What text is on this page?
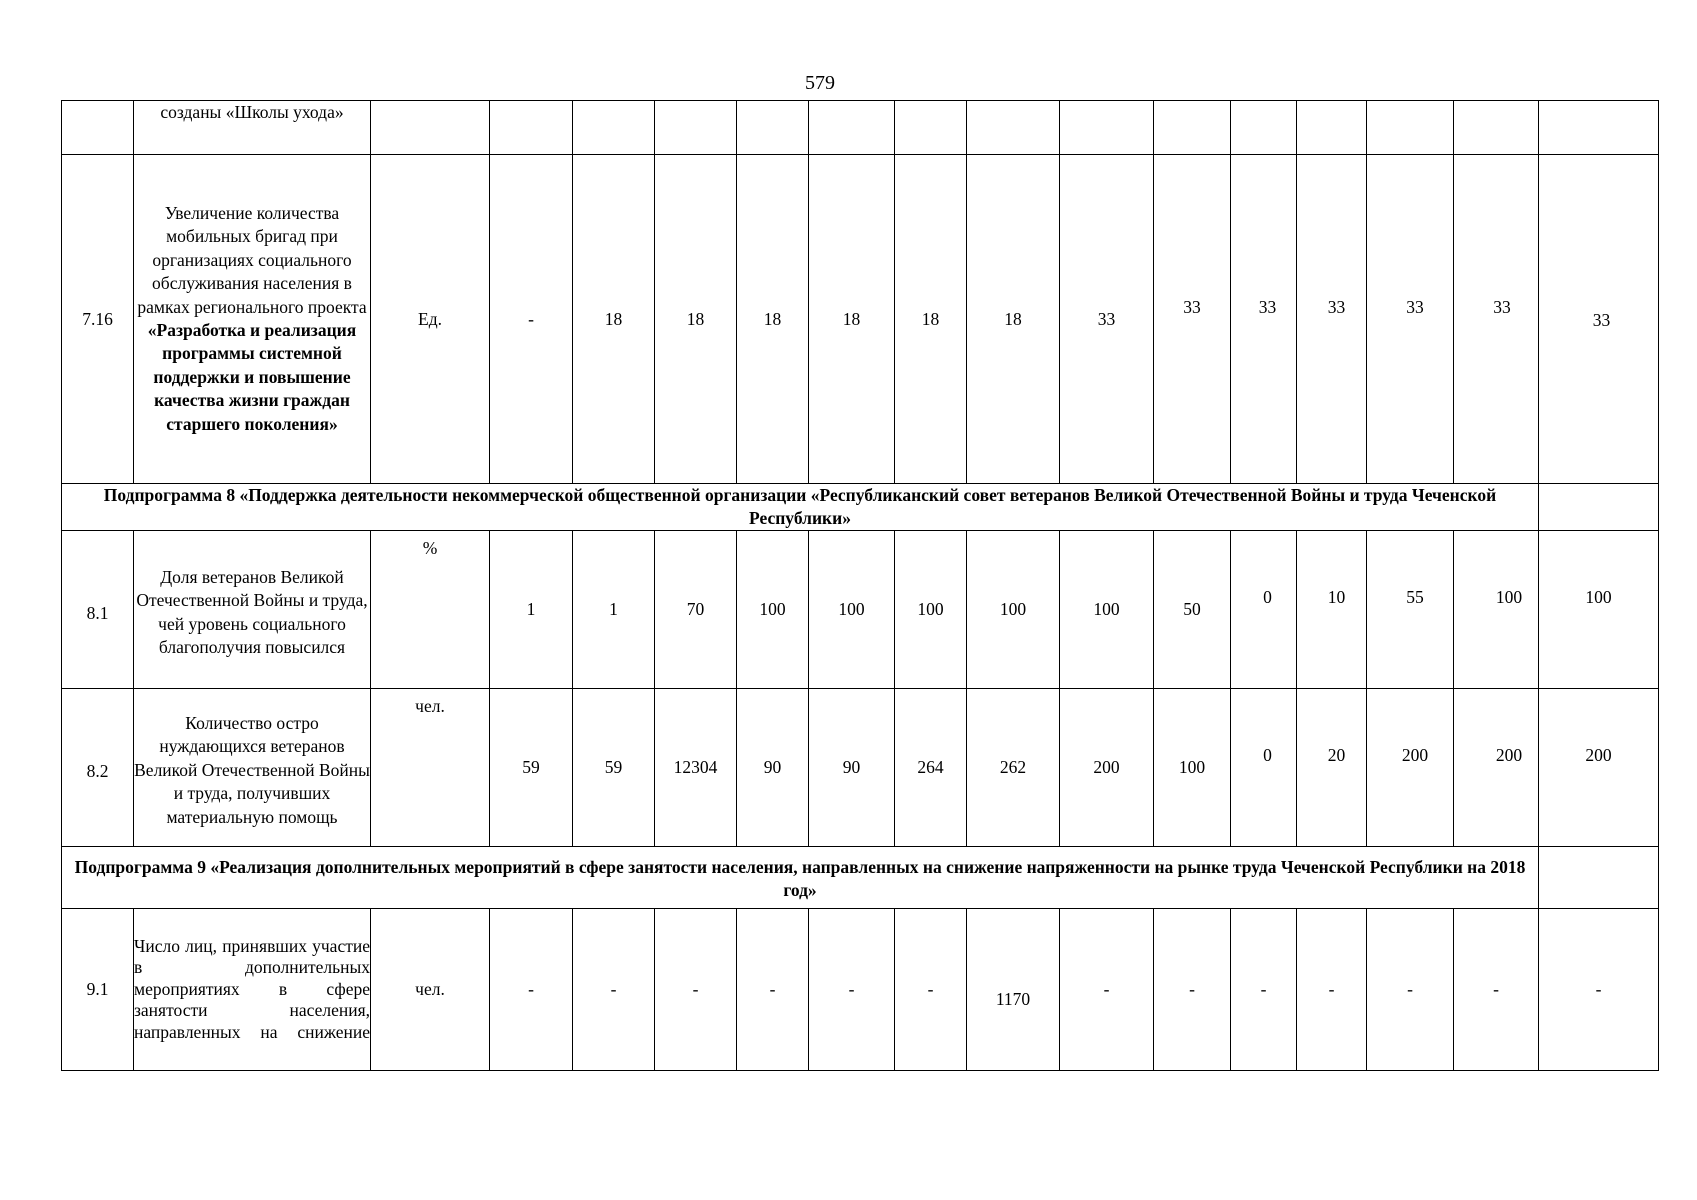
579
	созданы «Школы ухода»															
7.16	Увеличение количества мобильных бригад при организациях социального обслуживания населения в рамках регионального проекта «Разработка и реализация программы системной поддержки и повышение качества жизни граждан старшего поколения»	Ед.	-	18	18	18	18	18	18	33	33	33	33	33	33	33
Подпрограмма 8 «Поддержка деятельности некоммерческой общественной организации «Республиканский совет ветеранов Великой Отечественной Войны и труда Чеченской Республики»																
8.1	Доля ветеранов Великой Отечественной Войны и труда, чей уровень социального благополучия повысился	%	1	1	70	100	100	100	100	100	50	0	10	55	100	100
8.2	Количество остро нуждающихся ветеранов Великой Отечественной Войны и труда, получивших материальную помощь	чел.	59	59	12304	90	90	264	262	200	100	0	20	200	200	200
Подпрограмма 9 «Реализация дополнительных мероприятий в сфере занятости населения, направленных на снижение напряженности на рынке труда Чеченской Республики на 2018 год»																
9.1	Число лиц, принявших участие в дополнительных мероприятиях в сфере занятости населения, направленных на снижение	чел.	-	-	-	-	-	-	1170	-	-	-	-	-	-	-
